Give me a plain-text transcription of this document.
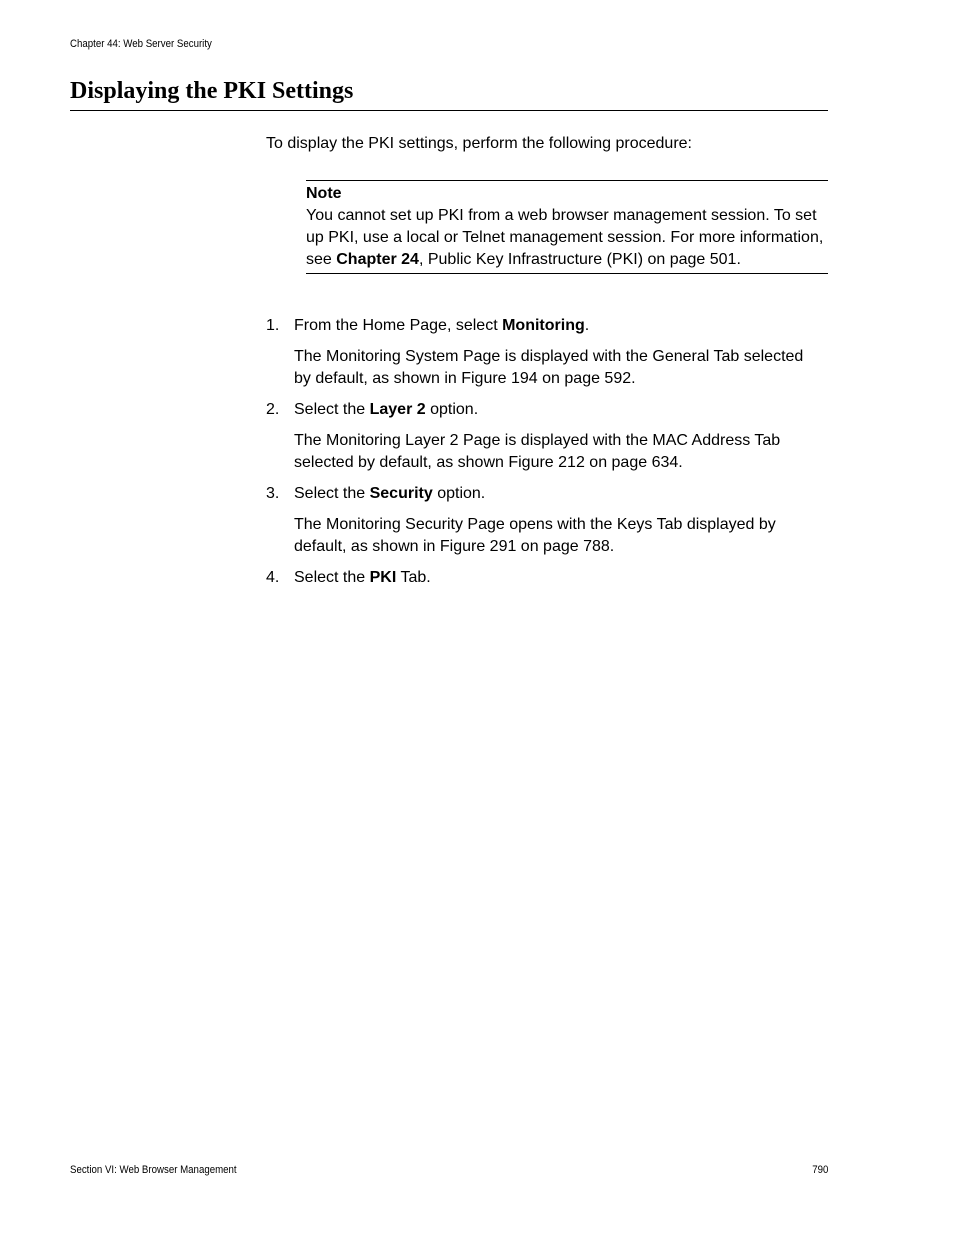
Chapter 44: Web Server Security
Displaying the PKI Settings

To display the PKI settings, perform the following procedure:

Note

You cannot set up PKI from a web browser management session. To set up PKI, use a local or Telnet management session. For more information, see Chapter 24, Public Key Infrastructure (PKI) on page 501.

1. From the Home Page, select Monitoring.

The Monitoring System Page is displayed with the General Tab selected by default, as shown in Figure 194 on page 592.

2. Select the Layer 2 option.

The Monitoring Layer 2 Page is displayed with the MAC Address Tab selected by default, as shown Figure 212 on page 634.

3. Select the Security option.

The Monitoring Security Page opens with the Keys Tab displayed by default, as shown in Figure 291 on page 788.

4. Select the PKI Tab.

Section VI: Web Browser Management	790
